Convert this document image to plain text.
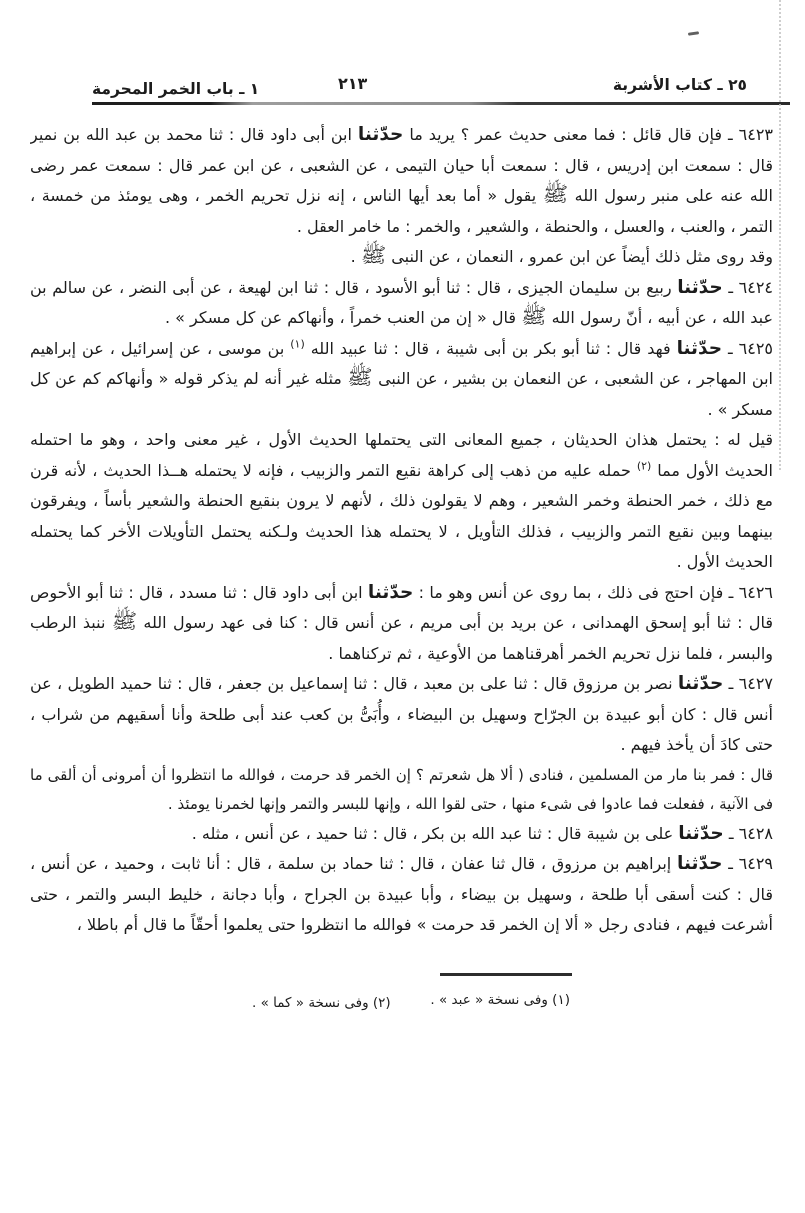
٢٥ ـ كتاب الأشربة
٢١٣
١ ـ باب الخمر المحرمة

٦٤٢٣ ـ فإن قال قائل : فما معنى حديث عمر ؟ يريد ما حدّثنا ابن أبى داود قال : ثنا محمد بن عبد الله بن نمير قال : سمعت ابن إدريس ، قال : سمعت أبا حيان التيمى ، عن الشعبى ، عن ابن عمر قال : سمعت عمر رضى الله عنه على منبر رسول الله ﷺ يقول « أما بعد أيها الناس ، إنه نزل تحريم الخمر ، وهى يومئذ من خمسة ، التمر ، والعنب ، والعسل ، والحنطة ، والشعير ، والخمر : ما خامر العقل .

وقد روى مثل ذلك أيضاً عن ابن عمرو ، النعمان ، عن النبى ﷺ .

٦٤٢٤ ـ حدّثنا ربيع بن سليمان الجيزى ، قال : ثنا أبو الأسود ، قال : ثنا ابن لهيعة ، عن أبى النضر ، عن سالم بن عبد الله ، عن أبيه ، أنّ رسول الله ﷺ قال « إن من العنب خمراً ، وأنهاكم عن كل مسكر » .

٦٤٢٥ ـ حدّثنا فهد قال : ثنا أبو بكر بن أبى شيبة ، قال : ثنا عبيد الله $^{(١)}$ بن موسى ، عن إسرائيل ، عن إبراهيم ابن المهاجر ، عن الشعبى ، عن النعمان بن بشير ، عن النبى ﷺ مثله غير أنه لم يذكر قوله « وأنهاكم كم عن كل مسكر » .

قيل له : يحتمل هذان الحديثان ، جميع المعانى التى يحتملها الحديث الأول ، غير معنى واحد ، وهو ما احتمله الحديث الأول مما $^{(٢)}$ حمله عليه من ذهب إلى كراهة نقيع التمر والزبيب ، فإنه لا يحتمله هــذا الحديث ، لأنه قرن مع ذلك ، خمر الحنطة وخمر الشعير ، وهم لا يقولون ذلك ، لأنهم لا يرون بنقيع الحنطة والشعير بأساً ، ويفرقون بينهما وبين نقيع التمر والزبيب ، فذلك التأويل ، لا يحتمله هذا الحديث ولـكنه يحتمل التأويلات الأخر كما يحتمله الحديث الأول .

٦٤٢٦ ـ فإن احتج فى ذلك ، بما روى عن أنس وهو ما : حدّثنا ابن أبى داود قال : ثنا مسدد ، قال : ثنا أبو الأحوص قال : ثنا أبو إسحق الهمدانى ، عن بريد بن أبى مريم ، عن أنس قال : كنا فى عهد رسول الله ﷺ ننبذ الرطب والبسر ، فلما نزل تحريم الخمر أهرقناهما من الأوعية ، ثم تركناهما .

٦٤٢٧ ـ حدّثنا نصر بن مرزوق قال : ثنا على بن معبد ، قال : ثنا إسماعيل بن جعفر ، قال : ثنا حميد الطويل ، عن أنس قال : كان أبو عبيدة بن الجرّاح وسهيل بن البيضاء ، وأُبَىُّ بن كعب عند أبى طلحة وأنا أسقيهم من شراب ، حتى كادَ أن يأخذ فيهم .

قال : فمر بنا مار من المسلمين ، فنادى ( ألا هل شعرتم ؟ إن الخمر قد حرمت ، فوالله ما انتظروا أن أمرونى أن ألقى ما فى الآنية ، ففعلت فما عادوا فى شىء منها ، حتى لقوا الله ، وإنها للبسر والتمر وإنها لخمرنا يومئذ .

٦٤٢٨ ـ حدّثنا على بن شيبة قال : ثنا عبد الله بن بكر ، قال : ثنا حميد ، عن أنس ، مثله .

٦٤٢٩ ـ حدّثنا إبراهيم بن مرزوق ، قال ثنا عفان ، قال : ثنا حماد بن سلمة ، قال : أنا ثابت ، وحميد ، عن أنس ، قال : كنت أسقى أبا طلحة ، وسهيل بن بيضاء ، وأبا عبيدة بن الجراح ، وأبا دجانة ، خليط البسر والتمر ، حتى أشرعت فيهم ، فنادى رجل « ألا إن الخمر قد حرمت » فوالله ما انتظروا حتى يعلموا أحقّاً ما قال أم باطلا ،

(١) وفى نسخة « عبد » .
(٢) وفى نسخة « كما » .
